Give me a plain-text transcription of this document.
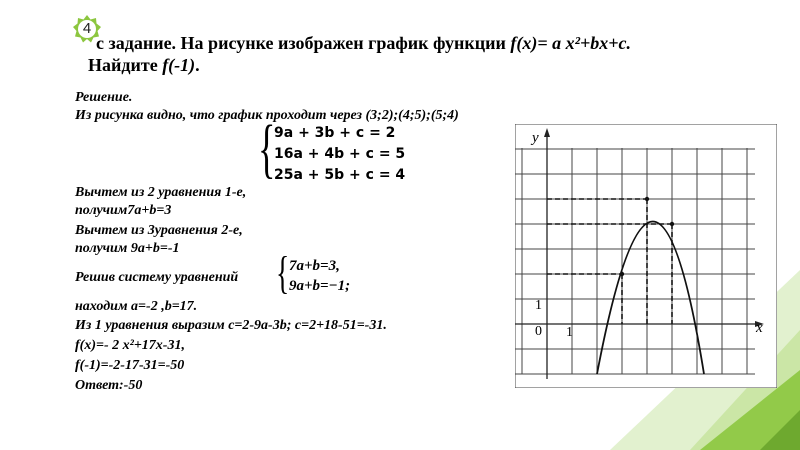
4
с задание. На рисунке изображен график функции f(x)= a x²+bx+c.
Найдите f(-1).
Решение.
Из рисунка видно, что график проходит через (3;2);(4;5);(5;4)
{
9a + 3b + c = 2
16a + 4b + c = 5
25a + 5b + c = 4
Вычтем из 2 уравнения 1-е,
получим7a+b=3
Вычтем из 3уравнения 2-е,
получим 9a+b=-1
Решив систему уравнений { 7a+b=3,
9a+b=−1;
находим a=-2 ,b=17.
Из 1 уравнения выразим с=2-9а-3b; с=2+18-51=-31.
f(x)=- 2 x²+17x-31,
f(-1)=-2-17-31=-50
Ответ:-50
y
x
0 1
1
